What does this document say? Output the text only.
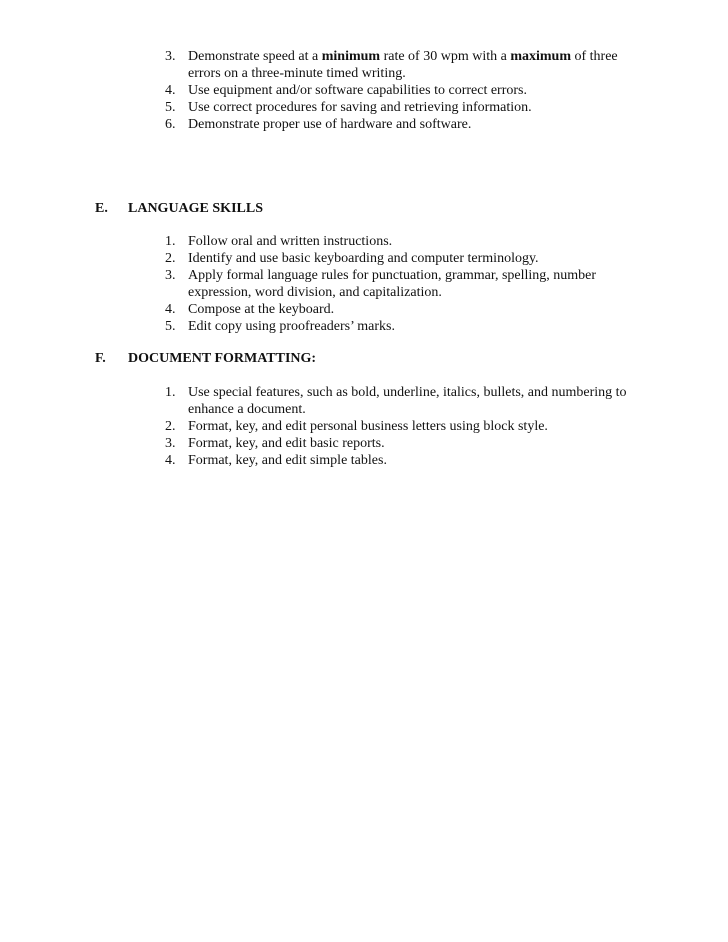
3. Demonstrate speed at a minimum rate of 30 wpm with a maximum of three errors on a three-minute timed writing.
4. Use equipment and/or software capabilities to correct errors.
5. Use correct procedures for saving and retrieving information.
6. Demonstrate proper use of hardware and software.
E. LANGUAGE SKILLS
1. Follow oral and written instructions.
2. Identify and use basic keyboarding and computer terminology.
3. Apply formal language rules for punctuation, grammar, spelling, number expression, word division, and capitalization.
4. Compose at the keyboard.
5. Edit copy using proofreaders’ marks.
F. DOCUMENT FORMATTING:
1. Use special features, such as bold, underline, italics, bullets, and numbering to enhance a document.
2. Format, key, and edit personal business letters using block style.
3. Format, key, and edit basic reports.
4. Format, key, and edit simple tables.
